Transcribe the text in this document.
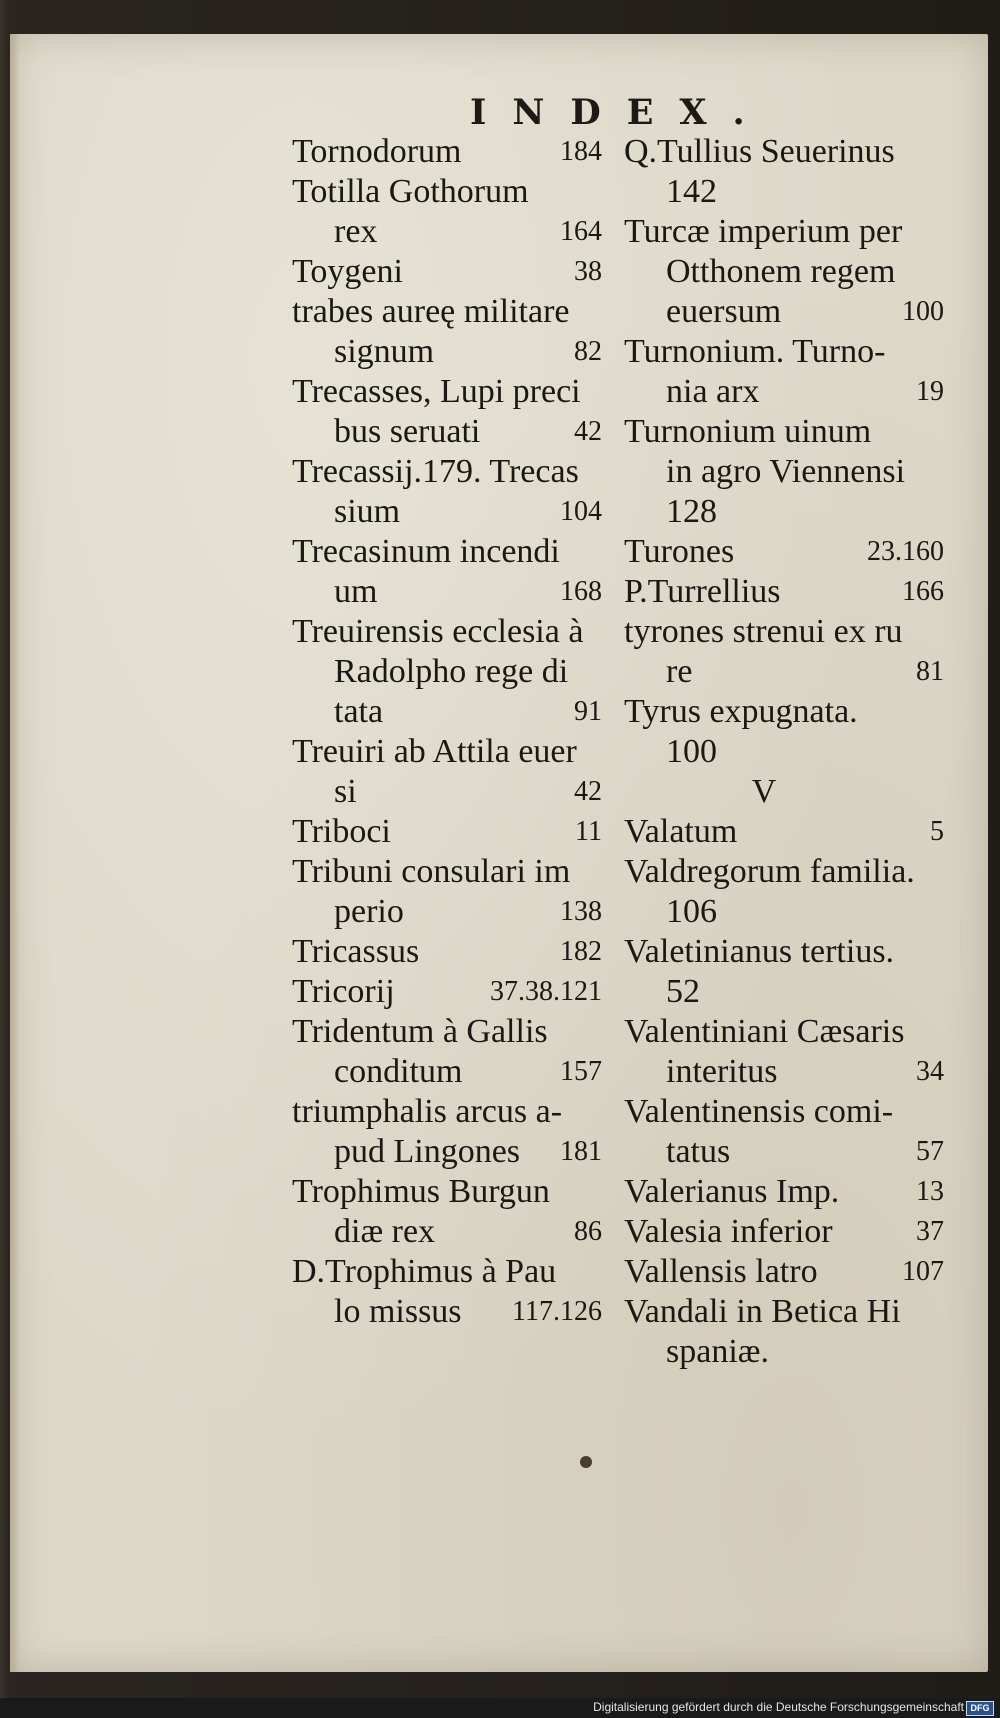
INDEX.
Tornodorum	184
Totilla Gothorum
rex	164
Toygeni	38
trabes aureę militare
signum	82
Trecasses, Lupi preci
bus seruati	42
Trecassij.179. Trecas
sium	104
Trecasinum incendi
um	168
Treuirensis ecclesia à
Radolpho rege di
tata	91
Treuiri ab Attila euer
si	42
Triboci	11
Tribuni consulari im
perio	138
Tricassus	182
Tricorij	37.38.121
Tridentum à Gallis
conditum	157
triumphalis arcus a-
pud Lingones 181
Trophimus Burgun
diæ rex	86
D.Trophimus à Pau
lo missus 117.126
Q.Tullius Seuerinus
142
Turcæ imperium per
Otthonem regem
euersum	100
Turnonium. Turno-
nia arx	19
Turnonium uinum
in agro Viennensi
128
Turones	23.160
P.Turrellius	166
tyrones strenui ex ru
re	81
Tyrus expugnata.
100
V
Valatum	5
Valdregorum familia.
106
Valetinianus tertius.
52
Valentiniani Cæsaris
interitus	34
Valentinensis comi-
tatus	57
Valerianus Imp.	13
Valesia inferior	37
Vallensis latro	107
Vandali in Betica Hi
spaniæ.
Digitalisierung gefördert durch die Deutsche Forschungsgemeinschaft DFG
